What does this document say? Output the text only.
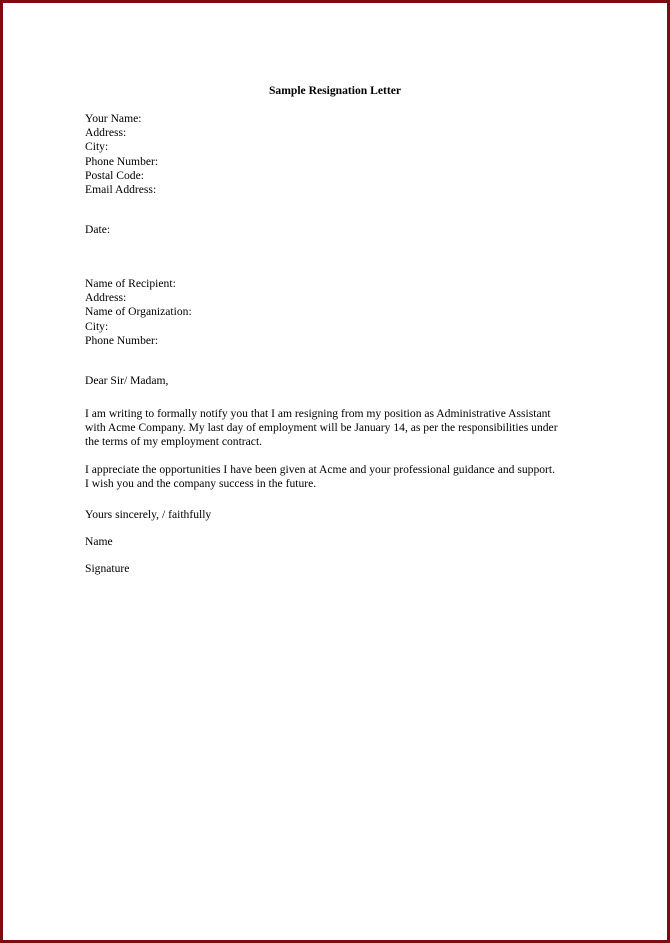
Sample Resignation Letter
Your Name:
Address:
City:
Phone Number:
Postal Code:
Email Address:
Date:
Name of Recipient:
Address:
Name of Organization:
City:
Phone Number:
Dear Sir/ Madam,
I am writing to formally notify you that I am resigning from my position as Administrative Assistant
with Acme Company. My last day of employment will be January 14, as per the responsibilities under
the terms of my employment contract.
I appreciate the opportunities I have been given at Acme and your professional guidance and support.
I wish you and the company success in the future.
Yours sincerely, / faithfully
Name
Signature
